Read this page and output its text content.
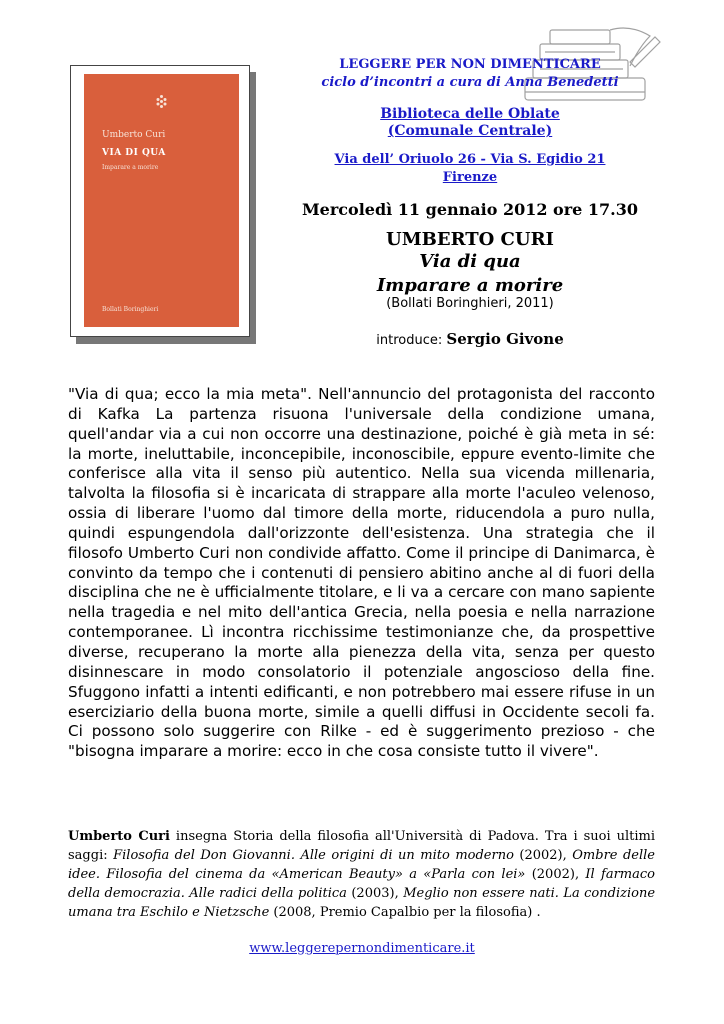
Umberto Curi
VIA DI QUA
Imparare a morire
Bollati Boringhieri
LEGGERE PER NON DIMENTICARE
ciclo d’incontri a cura di Anna Benedetti
Biblioteca delle Oblate
(Comunale Centrale)
Via dell’ Oriuolo 26 - Via S. Egidio 21
Firenze
Mercoledì 11 gennaio 2012 ore 17.30
UMBERTO CURI
Via di qua
Imparare a morire
(Bollati Boringhieri, 2011)
introduce: Sergio Givone

"Via di qua; ecco la mia meta". Nell'annuncio del protagonista del racconto di Kafka La partenza risuona l'universale della condizione umana, quell'andar via a cui non occorre una destinazione, poiché è già meta in sé: la morte, ineluttabile, inconcepibile, inconoscibile, eppure evento-limite che conferisce alla vita il senso più autentico. Nella sua vicenda millenaria, talvolta la filosofia si è incaricata di strappare alla morte l'aculeo velenoso, ossia di liberare l'uomo dal timore della morte, riducendola a puro nulla, quindi espungendola dall'orizzonte dell'esistenza. Una strategia che il filosofo Umberto Curi non condivide affatto. Come il principe di Danimarca, è convinto da tempo che i contenuti di pensiero abitino anche al di fuori della disciplina che ne è ufficialmente titolare, e li va a cercare con mano sapiente nella tragedia e nel mito dell'antica Grecia, nella poesia e nella narrazione contemporanee. Lì incontra ricchissime testimonianze che, da prospettive diverse, recuperano la morte alla pienezza della vita, senza per questo disinnescare in modo consolatorio il potenziale angoscioso della fine. Sfuggono infatti a intenti edificanti, e non potrebbero mai essere rifuse in un eserciziario della buona morte, simile a quelli diffusi in Occidente secoli fa. Ci possono solo suggerire con Rilke - ed è suggerimento prezioso - che "bisogna imparare a morire: ecco in che cosa consiste tutto il vivere".

Umberto Curi insegna Storia della filosofia all'Università di Padova. Tra i suoi ultimi saggi: Filosofia del Don Giovanni. Alle origini di un mito moderno (2002), Ombre delle idee. Filosofia del cinema da «American Beauty» a «Parla con lei» (2002), Il farmaco della democrazia. Alle radici della politica (2003), Meglio non essere nati. La condizione umana tra Eschilo e Nietzsche (2008, Premio Capalbio per la filosofia) .

www.leggerepernondimenticare.it
